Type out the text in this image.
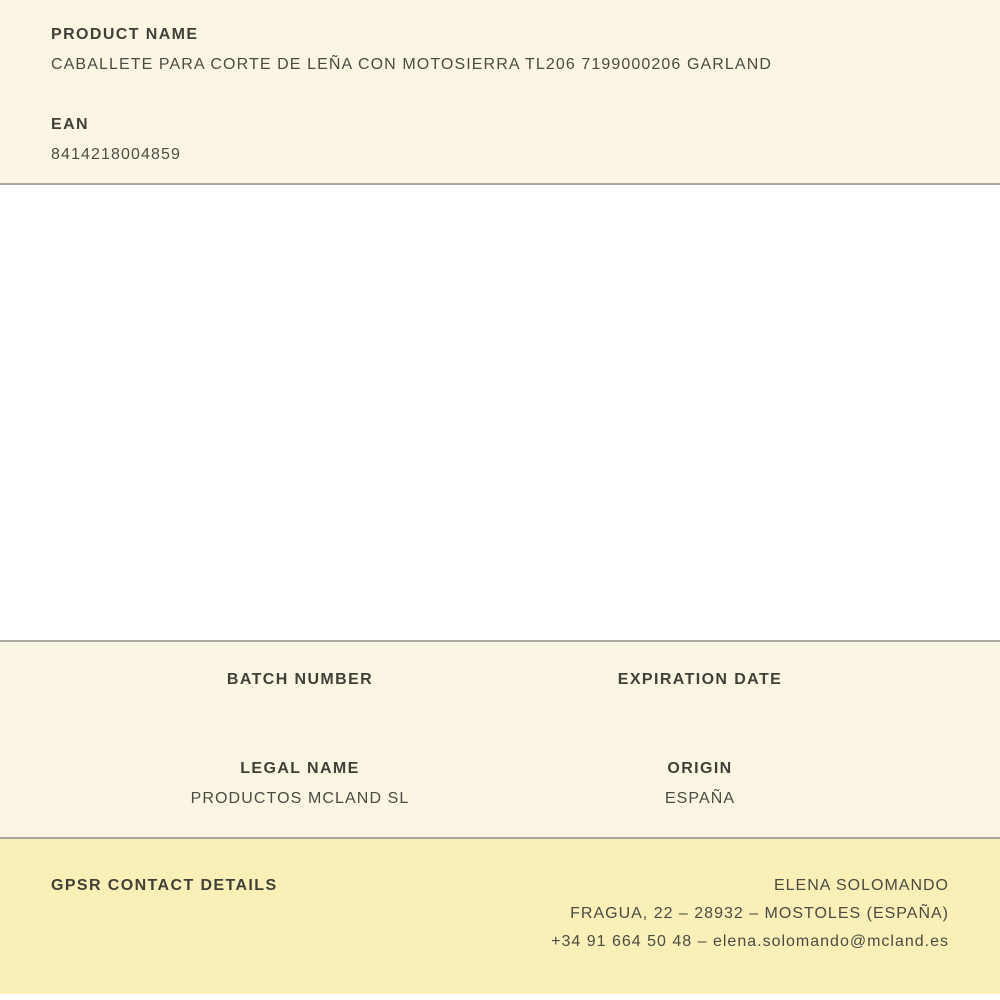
PRODUCT NAME
CABALLETE PARA CORTE DE LEÑA CON MOTOSIERRA TL206 7199000206 GARLAND
EAN
8414218004859
BATCH NUMBER	EXPIRATION DATE
LEGAL NAME
PRODUCTOS MCLAND SL
ORIGIN
ESPAÑA
GPSR CONTACT DETAILS	ELENA SOLOMANDO
FRAGUA, 22 – 28932 – MOSTOLES (ESPAÑA)
+34 91 664 50 48 – elena.solomando@mcland.es
